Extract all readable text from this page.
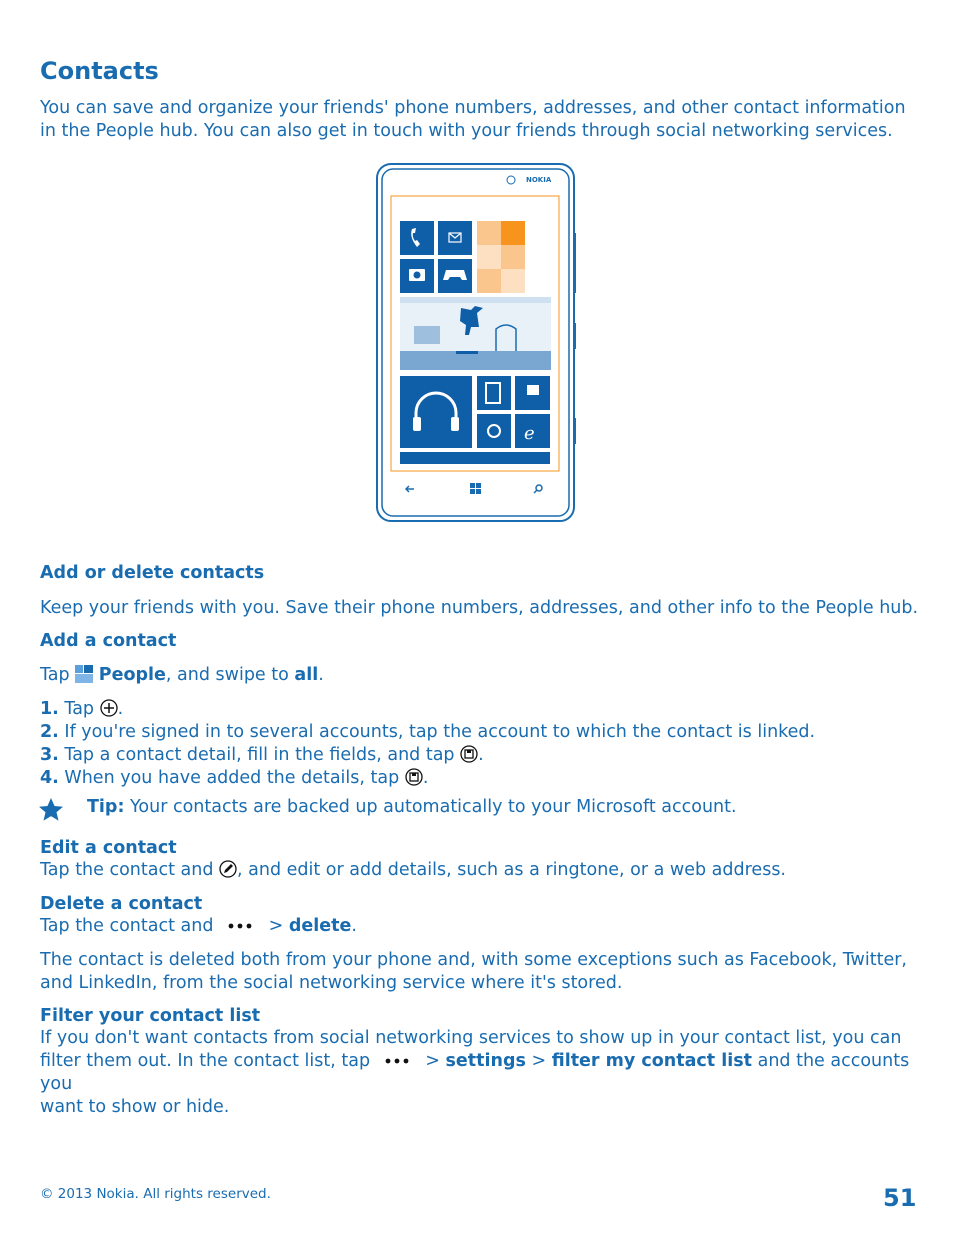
Contacts

You can save and organize your friends' phone numbers, addresses, and other contact information in the People hub. You can also get in touch with your friends through social networking services.

NOKIA
e
Add or delete contacts

Keep your friends with you. Save their phone numbers, addresses, and other info to the People hub.

Add a contact

Tap People, and swipe to all.

1. Tap .
2. If you're signed in to several accounts, tap the account to which the contact is linked.
3. Tap a contact detail, fill in the fields, and tap .
4. When you have added the details, tap .

Tip: Your contacts are backed up automatically to your Microsoft account.

Edit a contact

Tap the contact and , and edit or add details, such as a ringtone, or a web address.

Delete a contact

Tap the contact and	> delete.

The contact is deleted both from your phone and, with some exceptions such as Facebook, Twitter, and LinkedIn, from the social networking service where it's stored.

Filter your contact list
If you don't want contacts from social networking services to show up in your contact list, you can
filter them out. In the contact list, tap	> settings > filter my contact list and the accounts you
want to show or hide.
© 2013 Nokia. All rights reserved.	51
